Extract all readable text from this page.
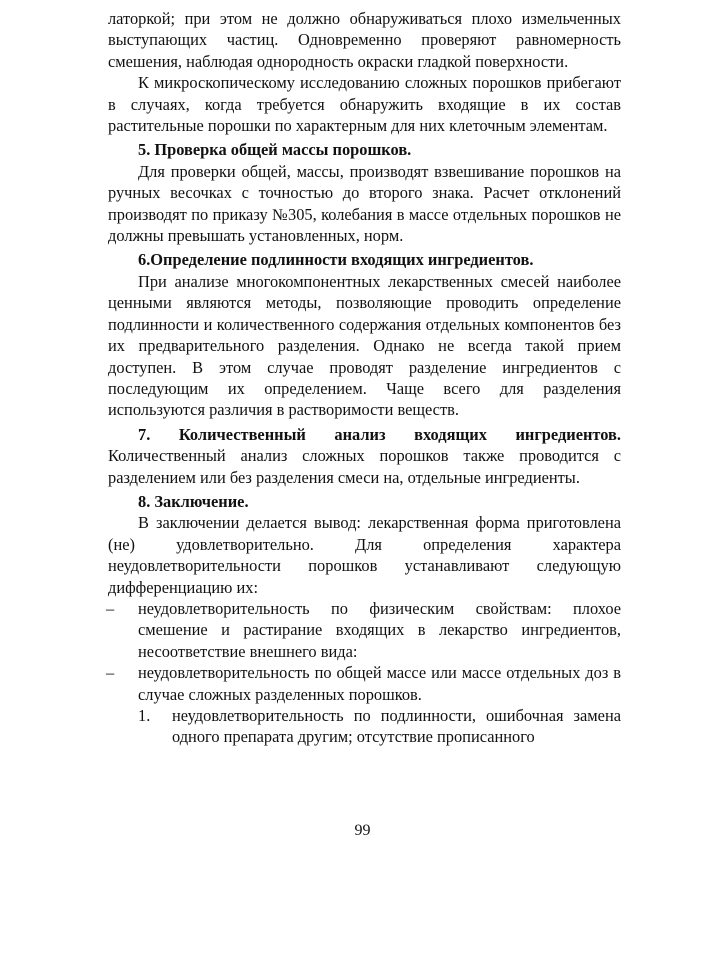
латоркой; при этом не должно обнаруживаться плохо измельченных выступающих частиц. Одновременно проверяют равномерность смешения, наблюдая однородность окраски гладкой поверхности.

К микроскопическому исследованию сложных порошков прибегают в случаях, когда требуется обнаружить входящие в их состав растительные порошки по характерным для них клеточным элементам.

5. Проверка общей массы порошков.

Для проверки общей, массы, производят взвешивание порошков на ручных весочках с точностью до второго знака. Расчет отклонений производят по приказу №305, колебания в массе отдельных порошков не должны превышать установленных, норм.

6.Определение подлинности входящих ингредиентов.

При анализе многокомпонентных лекарственных смесей наиболее ценными являются методы, позволяющие проводить определение подлинности и количественного содержания отдельных компонентов без их предварительного разделения. Однако не всегда такой прием доступен. В этом случае проводят разделение ингредиентов с последующим их определением. Чаще всего для разделения используются различия в растворимости веществ.

7. Количественный анализ входящих ингредиентов. Количественный анализ сложных порошков также проводится с разделением или без разделения смеси на, отдельные ингредиенты.

8. Заключение.

В заключении делается вывод: лекарственная форма приготовлена (не) удовлетворительно. Для определения характера неудовлетворительности порошков устанавливают следующую дифференциацию их:

– неудовлетворительность по физическим свойствам: плохое смешение и растирание входящих в лекарство ингредиентов, несоответствие внешнего вида:

– неудовлетворительность по общей массе или массе отдельных доз в случае сложных разделенных порошков.

1. неудовлетворительность по подлинности, ошибочная замена одного препарата другим; отсутствие прописанного

99
